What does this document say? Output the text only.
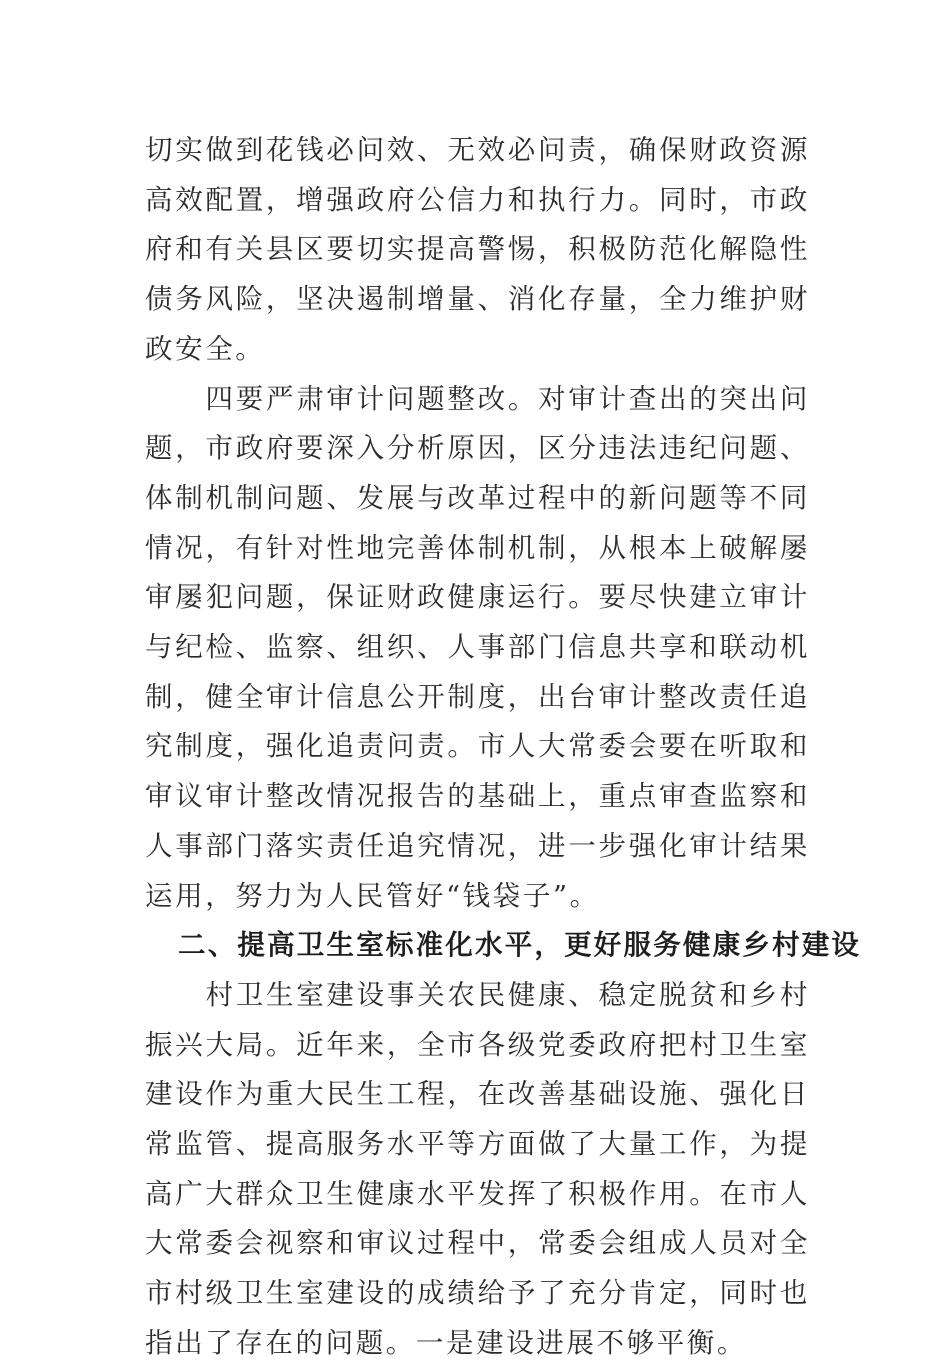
切实做到花钱必问效、无效必问责，确保财政资源高效配置，增强政府公信力和执行力。同时，市政府和有关县区要切实提高警惕，积极防范化解隐性债务风险，坚决遏制增量、消化存量，全力维护财政安全。

四要严肃审计问题整改。对审计查出的突出问题，市政府要深入分析原因，区分违法违纪问题、体制机制问题、发展与改革过程中的新问题等不同情况，有针对性地完善体制机制，从根本上破解屡审屡犯问题，保证财政健康运行。要尽快建立审计与纪检、监察、组织、人事部门信息共享和联动机制，健全审计信息公开制度，出台审计整改责任追究制度，强化追责问责。市人大常委会要在听取和审议审计整改情况报告的基础上，重点审查监察和人事部门落实责任追究情况，进一步强化审计结果运用，努力为人民管好“钱袋子”。

二、提高卫生室标准化水平，更好服务健康乡村建设

村卫生室建设事关农民健康、稳定脱贫和乡村振兴大局。近年来，全市各级党委政府把村卫生室建设作为重大民生工程，在改善基础设施、强化日常监管、提高服务水平等方面做了大量工作，为提高广大群众卫生健康水平发挥了积极作用。在市人大常委会视察和审议过程中，常委会组成人员对全市村级卫生室建设的成绩给予了充分肯定，同时也指出了存在的问题。一是建设进展不够平衡。
